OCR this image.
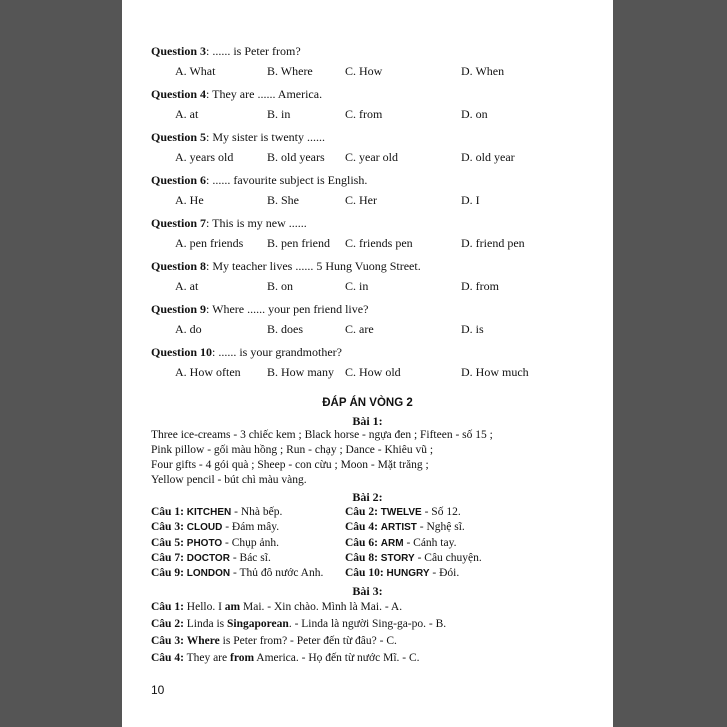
Question 3: ...... is Peter from?
A. What	B. Where	C. How	D. When
Question 4: They are ...... America.
A. at	B. in	C. from	D. on
Question 5: My sister is twenty ......
A. years old	B. old years C. year old	D. old year
Question 6: ...... favourite subject is English.
A. He	B. She	C. Her	D. I
Question 7: This is my new ......
A. pen friends B. pen friend C. friends pen	D. friend pen
Question 8: My teacher lives ...... 5 Hung Vuong Street.
A. at	B. on	C. in	D. from
Question 9: Where ...... your pen friend live?
A. do	B. does	C. are	D. is
Question 10: ...... is your grandmother?
A. How often B. How many C. How old	D. How much
ĐÁP ÁN VÒNG 2
Bài 1:
Three ice-creams - 3 chiếc kem ; Black horse - ngựa đen ; Fifteen - số 15 ;
Pink pillow - gối màu hồng ; Run - chạy ; Dance - Khiêu vũ ;
Four gifts - 4 gói quà ; Sheep - con cừu ; Moon - Mặt trăng ;
Yellow pencil - bút chì màu vàng.
Bài 2:
Câu 1: KITCHEN - Nhà bếp.	Câu 2: TWELVE - Số 12.
Câu 3: CLOUD - Đám mây.	Câu 4: ARTIST - Nghệ sĩ.
Câu 5: PHOTO - Chụp ảnh.	Câu 6: ARM - Cánh tay.
Câu 7: DOCTOR - Bác sĩ.	Câu 8: STORY - Câu chuyện.
Câu 9: LONDON - Thủ đô nước Anh. Câu 10: HUNGRY - Đói.
Bài 3:
Câu 1: Hello. I am Mai. - Xin chào. Mình là Mai. - A.
Câu 2: Linda is Singaporean. - Linda là người Sing-ga-po. - B.
Câu 3: Where is Peter from? - Peter đến từ đâu? - C.
Câu 4: They are from America. - Họ đến từ nước Mĩ. - C.
10
